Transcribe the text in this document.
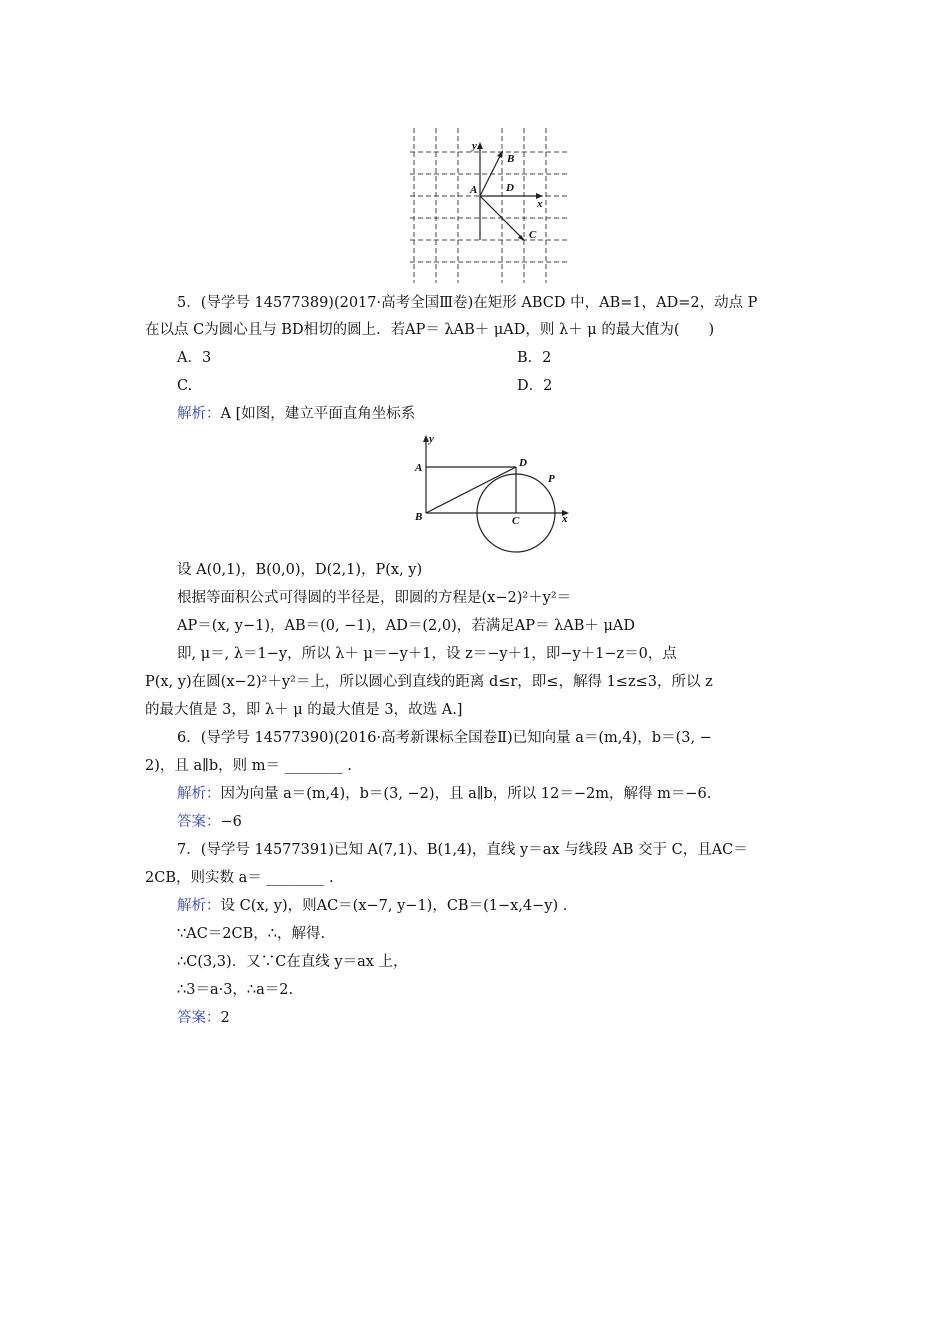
y
B
A	D
x
C
5．(导学号 14577389)(2017·高考全国Ⅲ卷)在矩形 ABCD 中，AB=1，AD=2，动点 P
在以点 C为圆心且与 BD相切的圆上．若AP＝ λAB＋ μAD，则 λ＋ μ 的最大值为(　　)
A．3	B．2
C.	D．2
解析：A [如图，建立平面直角坐标系
y
A	D
P
B	C	x
设 A(0,1)，B(0,0)，D(2,1)，P(x, y)
根据等面积公式可得圆的半径是，即圆的方程是(x−2)²＋y²＝
AP＝(x, y−1)，AB＝(0, −1)，AD＝(2,0)，若满足AP＝ λAB＋ μAD
即, μ＝, λ＝1−y，所以 λ＋ μ＝−y＋1，设 z＝−y＋1，即−y＋1−z＝0，点
P(x, y)在圆(x−2)²＋y²＝上，所以圆心到直线的距离 d≤r，即≤，解得 1≤z≤3，所以 z
的最大值是 3，即 λ＋ μ 的最大值是 3，故选 A.]
6．(导学号 14577390)(2016·高考新课标全国卷Ⅱ)已知向量 a＝(m,4)，b＝(3, −
2)，且 a∥b，则 m＝ ________ .
解析：因为向量 a＝(m,4)，b＝(3, −2)，且 a∥b，所以 12＝−2m，解得 m＝−6.
答案：−6
7．(导学号 14577391)已知 A(7,1)、B(1,4)，直线 y＝ax 与线段 AB 交于 C，且AC＝
2CB，则实数 a＝ ________ .
解析：设 C(x, y)，则AC＝(x−7, y−1)，CB＝(1−x,4−y) .
∵AC＝2CB，∴，解得.
∴C(3,3)．又∵C在直线 y＝ax 上，
∴3＝a·3，∴a＝2.
答案：2
